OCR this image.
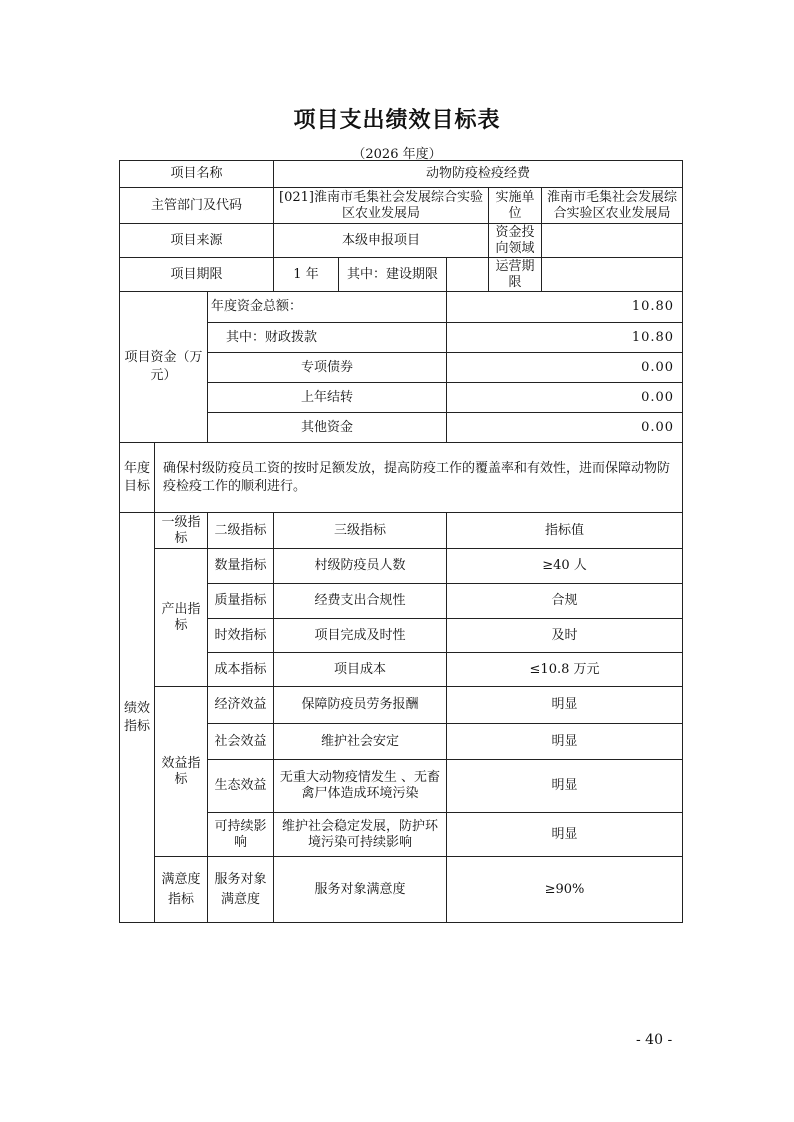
项目支出绩效目标表
（2026 年度）
项目名称			动物防疫检疫经费				
主管部门及代码			[021]淮南市毛集社会发展综合实验区农业发展局			实施单位	淮南市毛集社会发展综合实验区农业发展局
项目来源			本级申报项目			资金投向领域	
项目期限			1 年	其中：建设期限		运营期限	
项目资金（万元）		年度资金总额：			10.80		
		其中：财政拨款			10.80		
		专项债券			0.00		
		上年结转			0.00		
		其他资金			0.00		
年度目标	确保村级防疫员工资的按时足额发放，提高防疫工作的覆盖率和有效性，进而保障动物防疫检疫工作的顺利进行。						
绩效指标	一级指标	二级指标	三级指标		指标值		
	产出指标	数量指标	村级防疫员人数		≥40 人		
		质量指标	经费支出合规性		合规		
		时效指标	项目完成及时性		及时		
		成本指标	项目成本		≤10.8 万元		
	效益指标	经济效益	保障防疫员劳务报酬		明显		
		社会效益	维护社会安定		明显		
		生态效益	无重大动物疫情发生 、无畜禽尸体造成环境污染		明显		
		可持续影响	维护社会稳定发展，防护环境污染可持续影响		明显		
	满意度指标	服务对象满意度	服务对象满意度		≥90%		
- 40 -
